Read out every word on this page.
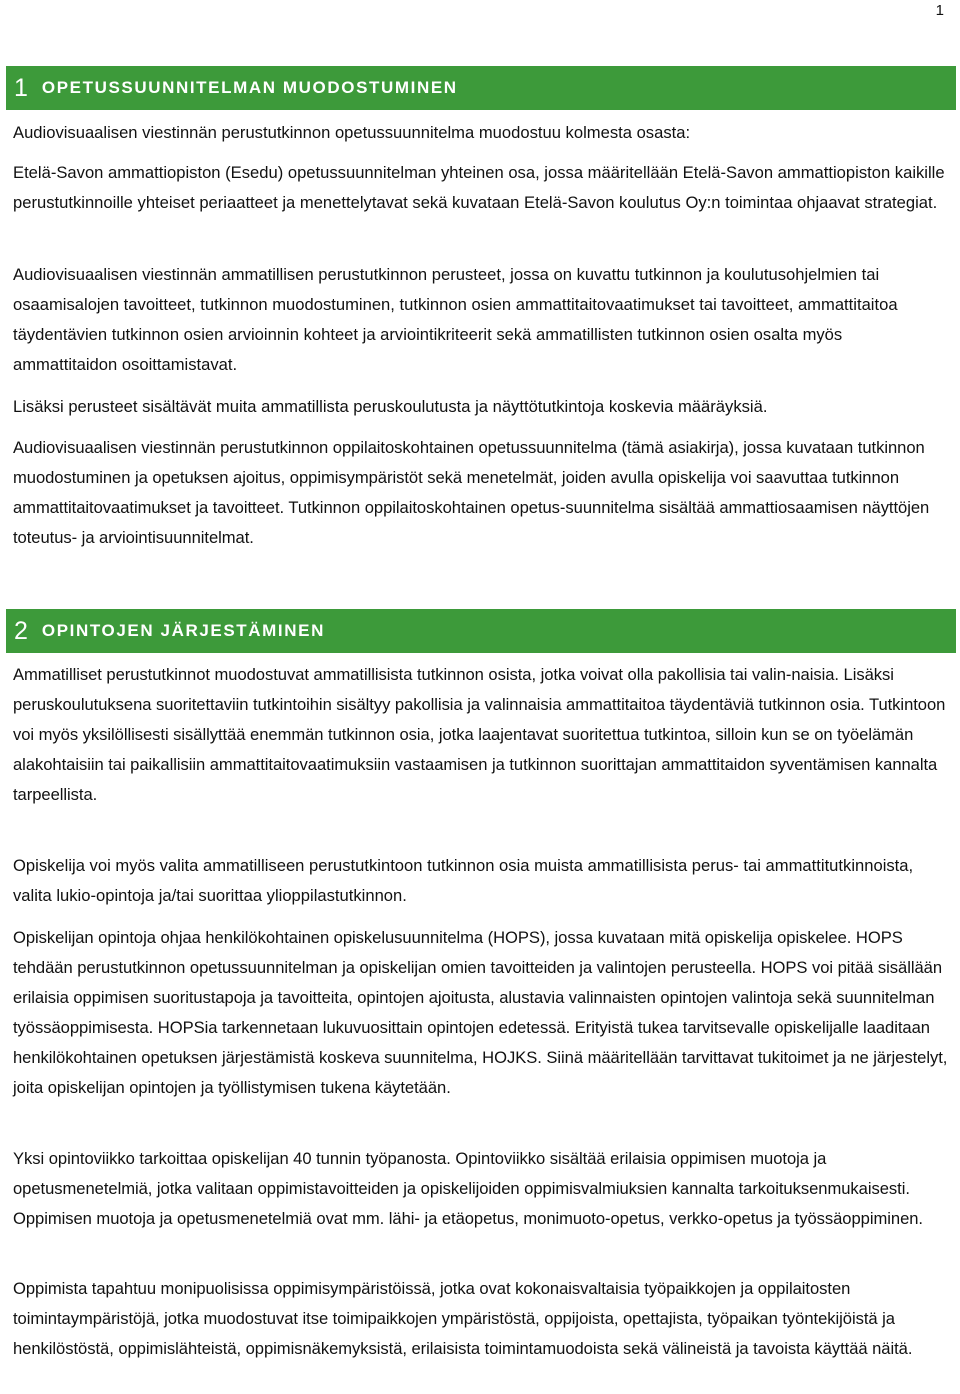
1
1 OPETUSSUUNNITELMAN MUODOSTUMINEN

Audiovisuaalisen viestinnän perustutkinnon opetussuunnitelma muodostuu kolmesta osasta:

Etelä-Savon ammattiopiston (Esedu) opetussuunnitelman yhteinen osa, jossa määritellään Etelä-Savon ammattiopiston kaikille perustutkinnoille yhteiset periaatteet ja menettelytavat sekä kuvataan Etelä-Savon koulutus Oy:n toimintaa ohjaavat strategiat.

Audiovisuaalisen viestinnän ammatillisen perustutkinnon perusteet, jossa on kuvattu tutkinnon ja koulutusohjelmien tai osaamisalojen tavoitteet, tutkinnon muodostuminen, tutkinnon osien ammattitaitovaatimukset tai tavoitteet, ammattitaitoa täydentävien tutkinnon osien arvioinnin kohteet ja arviointikriteerit sekä ammatillisten tutkinnon osien osalta myös ammattitaidon osoittamistavat.

Lisäksi perusteet sisältävät muita ammatillista peruskoulutusta ja näyttötutkintoja koskevia määräyksiä.

Audiovisuaalisen viestinnän perustutkinnon oppilaitoskohtainen opetussuunnitelma (tämä asiakirja), jossa kuvataan tutkinnon muodostuminen ja opetuksen ajoitus, oppimisympäristöt sekä menetelmät, joiden avulla opiskelija voi saavuttaa tutkinnon ammattitaitovaatimukset ja tavoitteet. Tutkinnon oppilaitoskohtainen opetus-suunnitelma sisältää ammattiosaamisen näyttöjen toteutus- ja arviointisuunnitelmat.

2 OPINTOJEN JÄRJESTÄMINEN

Ammatilliset perustutkinnot muodostuvat ammatillisista tutkinnon osista, jotka voivat olla pakollisia tai valin-naisia. Lisäksi peruskoulutuksena suoritettaviin tutkintoihin sisältyy pakollisia ja valinnaisia ammattitaitoa täydentäviä tutkinnon osia. Tutkintoon voi myös yksilöllisesti sisällyttää enemmän tutkinnon osia, jotka laajentavat suoritettua tutkintoa, silloin kun se on työelämän alakohtaisiin tai paikallisiin ammattitaitovaatimuksiin vastaamisen ja tutkinnon suorittajan ammattitaidon syventämisen kannalta tarpeellista.

Opiskelija voi myös valita ammatilliseen perustutkintoon tutkinnon osia muista ammatillisista perus- tai ammattitutkinnoista, valita lukio-opintoja ja/tai suorittaa ylioppilastutkinnon.

Opiskelijan opintoja ohjaa henkilökohtainen opiskelusuunnitelma (HOPS), jossa kuvataan mitä opiskelija opiskelee. HOPS tehdään perustutkinnon opetussuunnitelman ja opiskelijan omien tavoitteiden ja valintojen perusteella. HOPS voi pitää sisällään erilaisia oppimisen suoritustapoja ja tavoitteita, opintojen ajoitusta, alustavia valinnaisten opintojen valintoja sekä suunnitelman työssäoppimisesta. HOPSia tarkennetaan lukuvuosittain opintojen edetessä. Erityistä tukea tarvitsevalle opiskelijalle laaditaan henkilökohtainen opetuksen järjestämistä koskeva suunnitelma, HOJKS. Siinä määritellään tarvittavat tukitoimet ja ne järjestelyt, joita opiskelijan opintojen ja työllistymisen tukena käytetään.

Yksi opintoviikko tarkoittaa opiskelijan 40 tunnin työpanosta. Opintoviikko sisältää erilaisia oppimisen muotoja ja opetusmenetelmiä, jotka valitaan oppimistavoitteiden ja opiskelijoiden oppimisvalmiuksien kannalta tarkoituksenmukaisesti. Oppimisen muotoja ja opetusmenetelmiä ovat mm. lähi- ja etäopetus, monimuoto-opetus, verkko-opetus ja työssäoppiminen.

Oppimista tapahtuu monipuolisissa oppimisympäristöissä, jotka ovat kokonaisvaltaisia työpaikkojen ja oppilaitosten toimintaympäristöjä, jotka muodostuvat itse toimipaikkojen ympäristöstä, oppijoista, opettajista, työpaikan työntekijöistä ja henkilöstöstä, oppimislähteistä, oppimisnäkemyksistä, erilaisista toimintamuodoista sekä välineistä ja tavoista käyttää näitä.
